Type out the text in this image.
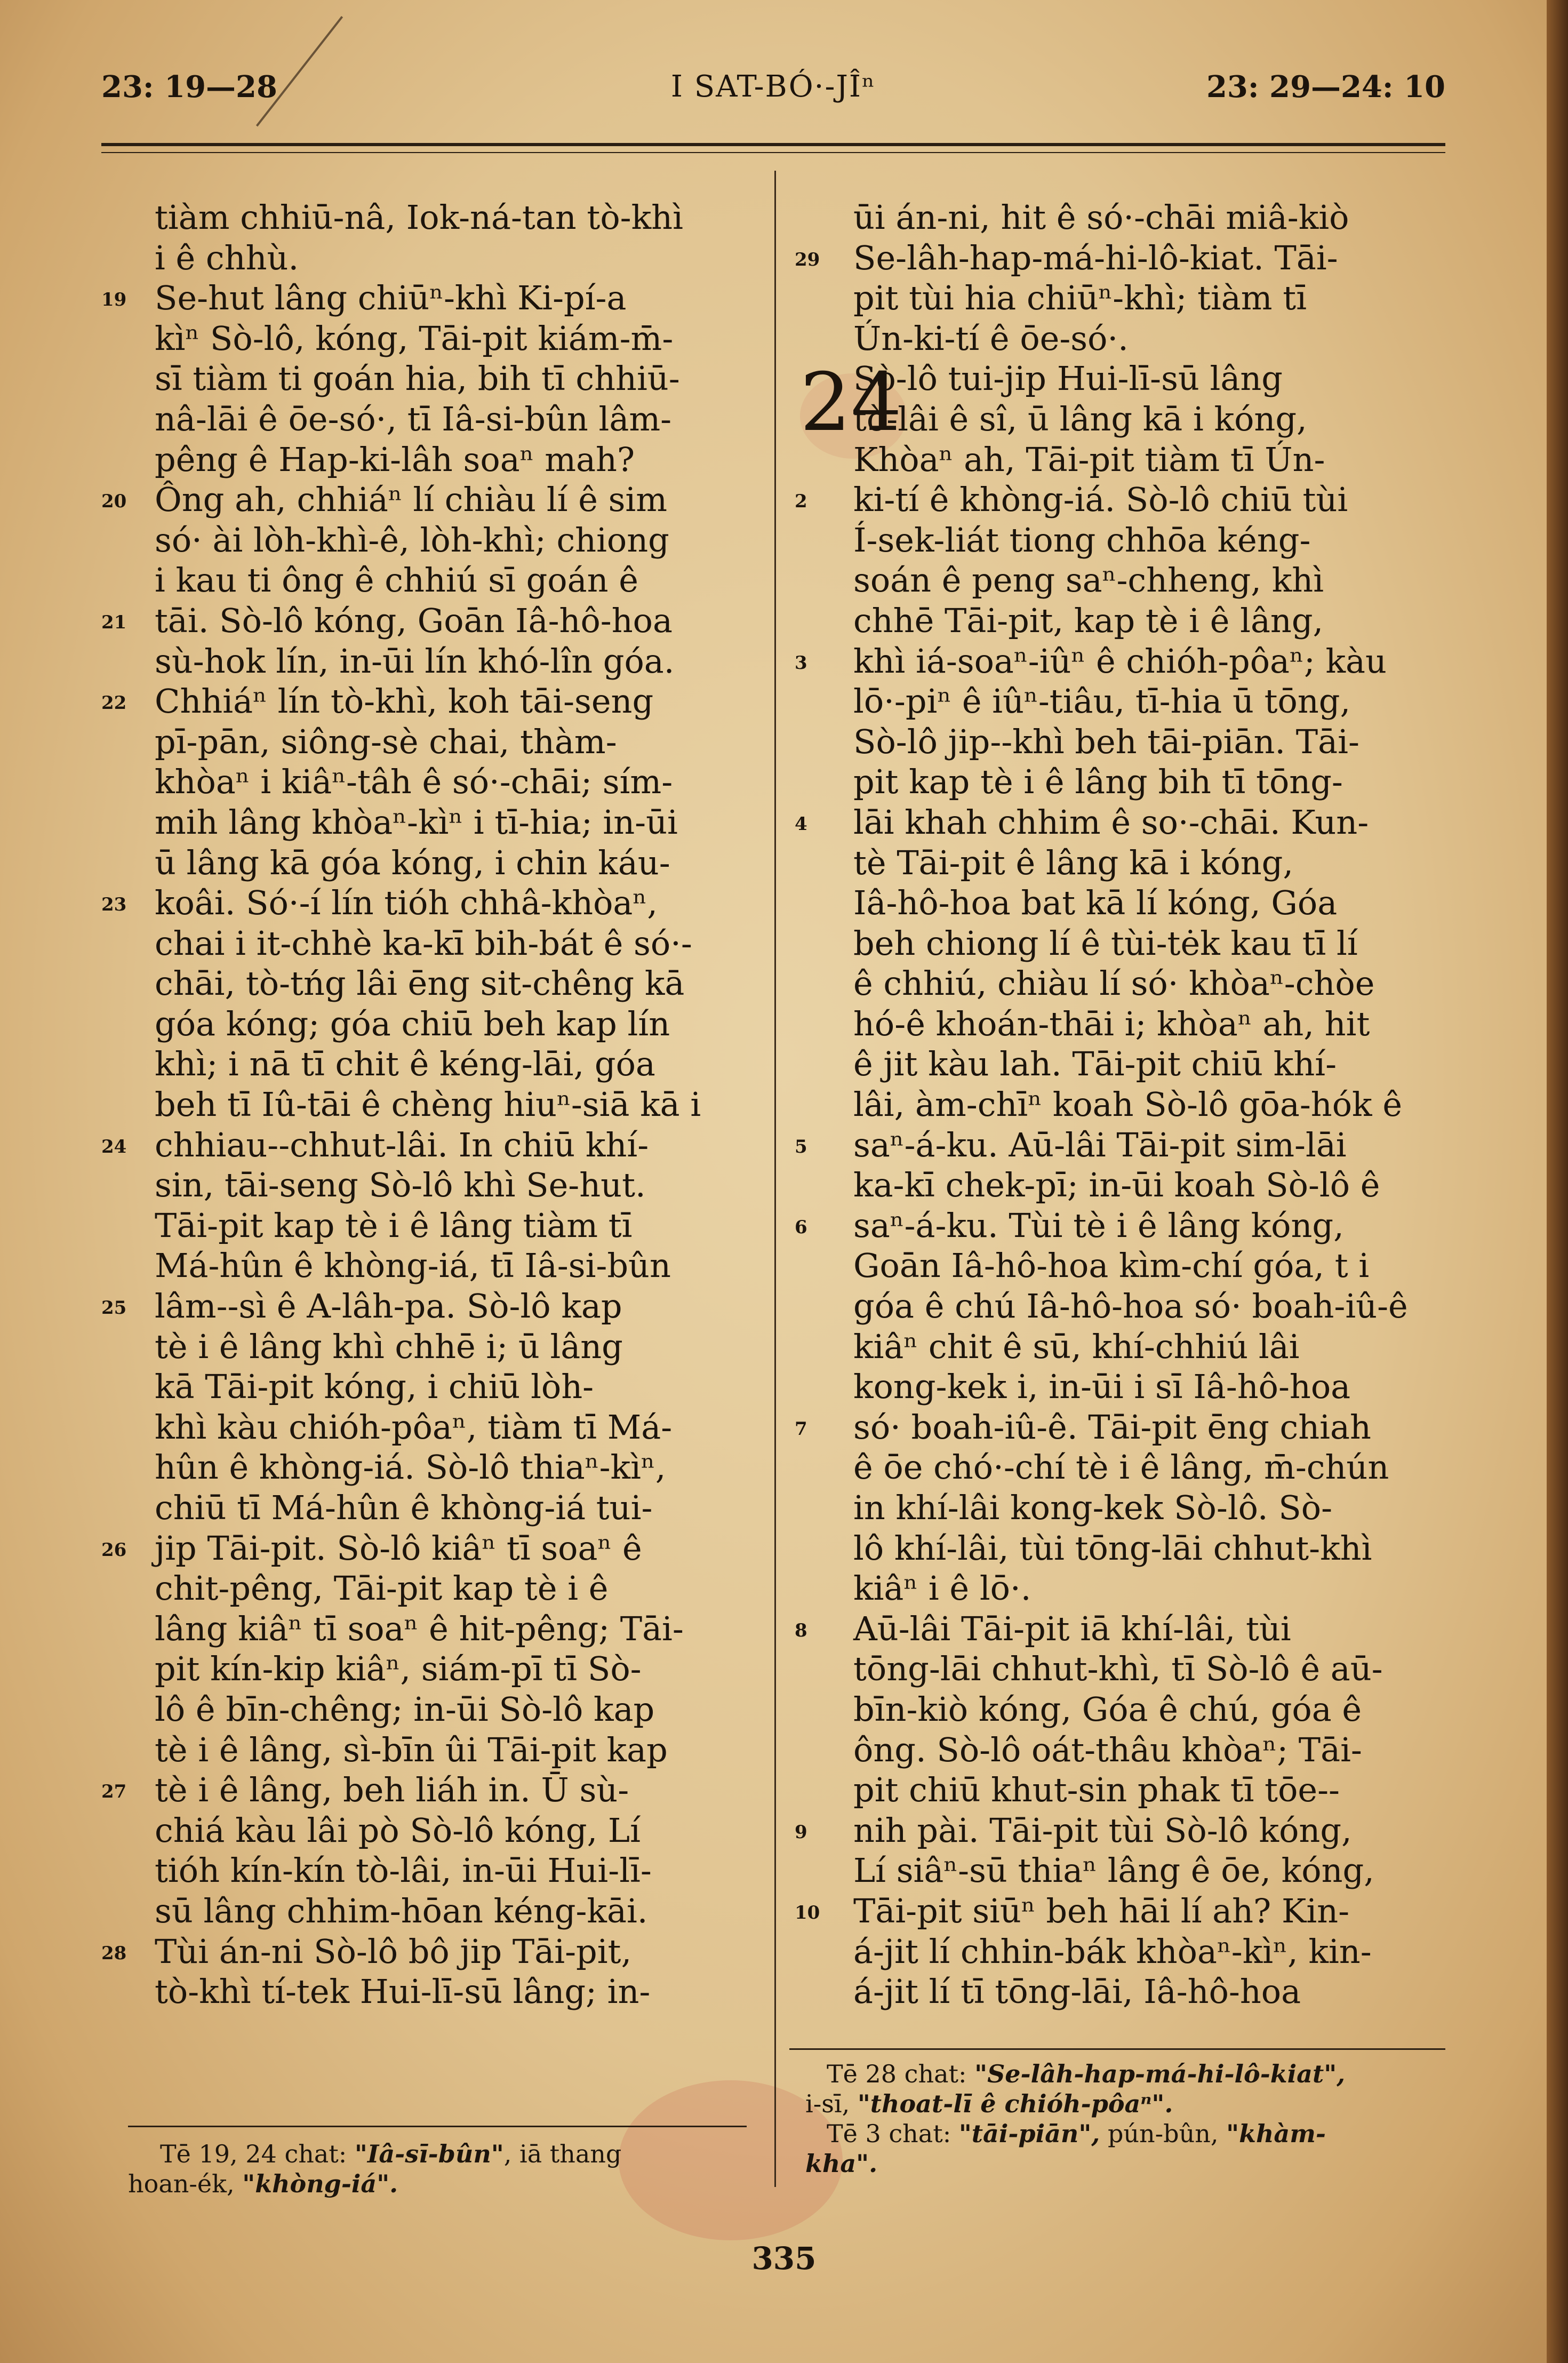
23: 19—28	I SAT-BÓ·-JÎⁿ	23: 29—24: 10
tiàm chhiū-nâ, Iok-ná-tan tò-khì
i ê chhù.
19 Se-hut lâng chiūⁿ-khì Ki-pí-a
kìⁿ Sò-lô, kóng, Tāi-pit kiám-m̄-
sī tiàm ti goán hia, bih tī chhiū-
nâ-lāi ê ōe-só·, tī Iâ-si-bûn lâm-
pêng ê Hap-ki-lâh soaⁿ mah?
20 Ông ah, chhiáⁿ lí chiàu lí ê sim
só· ài lòh-khì-ê, lòh-khì; chiong
i kau ti ông ê chhiú sī goán ê
21 tāi. Sò-lô kóng, Goān Iâ-hô-hoa
sù-hok lín, in-ūi lín khó-lîn góa.
22 Chhiáⁿ lín tò-khì, koh tāi-seng
pī-pān, siông-sè chai, thàm-
khòaⁿ i kiâⁿ-tâh ê só·-chāi; sím-
mih lâng khòaⁿ-kìⁿ i tī-hia; in-ūi
ū lâng kā góa kóng, i chin káu-
23 koâi. Só·-í lín tióh chhâ-khòaⁿ,
chai i it-chhè ka-kī bih-bát ê só·-
chāi, tò-tńg lâi ēng sit-chêng kā
góa kóng; góa chiū beh kap lín
khì; i nā tī chit ê kéng-lāi, góa
beh tī Iû-tāi ê chèng hiuⁿ-siā kā i
24 chhiau--chhut-lâi. In chiū khí-
sin, tāi-seng Sò-lô khì Se-hut.
Tāi-pit kap tè i ê lâng tiàm tī
Má-hûn ê khòng-iá, tī Iâ-si-bûn
25 lâm--sì ê A-lâh-pa. Sò-lô kap
tè i ê lâng khì chhē i; ū lâng
kā Tāi-pit kóng, i chiū lòh-
khì kàu chióh-pôaⁿ, tiàm tī Má-
hûn ê khòng-iá. Sò-lô thiaⁿ-kìⁿ,
chiū tī Má-hûn ê khòng-iá tui-
26 jip Tāi-pit. Sò-lô kiâⁿ tī soaⁿ ê
chit-pêng, Tāi-pit kap tè i ê
lâng kiâⁿ tī soaⁿ ê hit-pêng; Tāi-
pit kín-kip kiâⁿ, siám-pī tī Sò-
lô ê bīn-chêng; in-ūi Sò-lô kap
tè i ê lâng, sì-bīn ûi Tāi-pit kap
27 tè i ê lâng, beh liáh in. Ū sù-
chiá kàu lâi pò Sò-lô kóng, Lí
tióh kín-kín tò-lâi, in-ūi Hui-lī-
sū lâng chhim-hōan kéng-kāi.
28 Tùi án-ni Sò-lô bô jip Tāi-pit,
tò-khì tí-tek Hui-lī-sū lâng; in-
ūi án-ni, hit ê só·-chāi miâ-kiò
29	Se-lâh-hap-má-hi-lô-kiat. Tāi-
pit tùi hia chiūⁿ-khì; tiàm tī
Ún-ki-tí ê ōe-só·.
24
Sò-lô tui-jip Hui-lī-sū lâng
tò-lâi ê sî, ū lâng kā i kóng,
Khòaⁿ ah, Tāi-pit tiàm tī Ún-
2	ki-tí ê khòng-iá. Sò-lô chiū tùi
Í-sek-liát tiong chhōa kéng-
soán ê peng saⁿ-chheng, khì
chhē Tāi-pit, kap tè i ê lâng,
3	khì iá-soaⁿ-iûⁿ ê chióh-pôaⁿ; kàu
lō·-piⁿ ê iûⁿ-tiâu, tī-hia ū tōng,
Sò-lô jip--khì beh tāi-piān. Tāi-
pit kap tè i ê lâng bih tī tōng-
4	lāi khah chhim ê so·-chāi. Kun-
tè Tāi-pit ê lâng kā i kóng,
Iâ-hô-hoa bat kā lí kóng, Góa
beh chiong lí ê tùi-tėk kau tī lí
ê chhiú, chiàu lí só· khòaⁿ-chòe
hó-ê khoán-thāi i; khòaⁿ ah, hit
ê jit kàu lah. Tāi-pit chiū khí-
lâi, àm-chīⁿ koah Sò-lô gōa-hók ê
5	saⁿ-á-ku. Aū-lâi Tāi-pit sim-lāi
ka-kī chek-pī; in-ūi koah Sò-lô ê
6	saⁿ-á-ku. Tùi tè i ê lâng kóng,
Goān Iâ-hô-hoa kìm-chí góa, t i
góa ê chú Iâ-hô-hoa só· boah-iû-ê
kiâⁿ chit ê sū, khí-chhiú lâi
kong-kek i, in-ūi i sī Iâ-hô-hoa
7	só· boah-iû-ê. Tāi-pit ēng chiah
ê ōe chó·-chí tè i ê lâng, m̄-chún
in khí-lâi kong-kek Sò-lô. Sò-
lô khí-lâi, tùi tōng-lāi chhut-khì
kiâⁿ i ê lō·.
8	Aū-lâi Tāi-pit iā khí-lâi, tùi
tōng-lāi chhut-khì, tī Sò-lô ê aū-
bīn-kiò kóng, Góa ê chú, góa ê
ông. Sò-lô oát-thâu khòaⁿ; Tāi-
pit chiū khut-sin phak tī tōe--
9	nih pài. Tāi-pit tùi Sò-lô kóng,
Lí siâⁿ-sū thiaⁿ lâng ê ōe, kóng,
10	Tāi-pit siūⁿ beh hāi lí ah? Kin-
á-jit lí chhin-bák khòaⁿ-kìⁿ, kin-
á-jit lí tī tōng-lāi, Iâ-hô-hoa
Tē 19, 24 chat: "Iâ-sī-bûn", iā thang
hoan-ék, "khòng-iá".
Tē 28 chat: "Se-lâh-hap-má-hi-lô-kiat",
i-sī, "thoat-lī ê chióh-pôaⁿ".
Tē 3 chat: "tāi-piān", pún-bûn, "khàm-
kha".
335
